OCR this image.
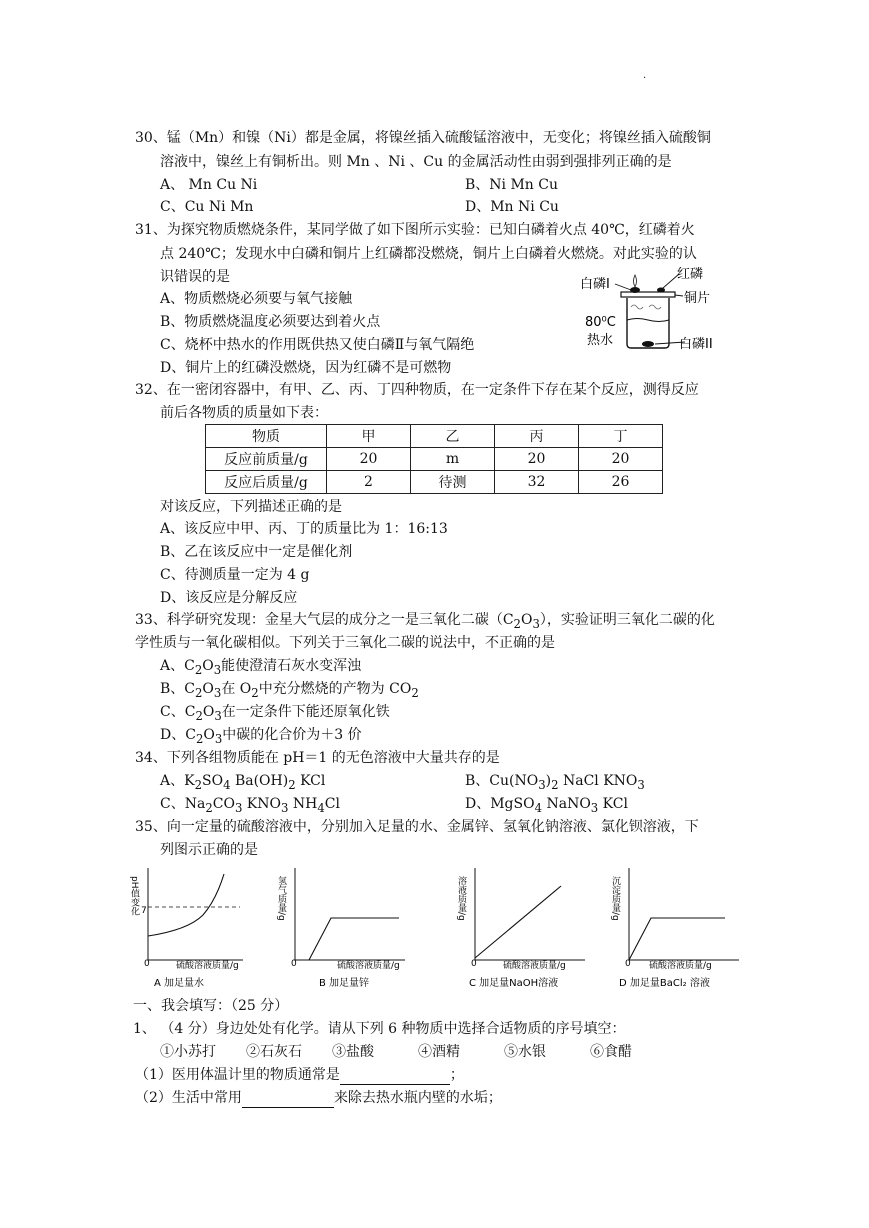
.
30、锰（Mn）和镍（Ni）都是金属，将镍丝插入硫酸锰溶液中，无变化；将镍丝插入硫酸铜
溶液中，镍丝上有铜析出。则 Mn 、Ni 、Cu 的金属活动性由弱到强排列正确的是
A、 Mn Cu Ni	B、Ni Mn Cu
C、Cu Ni Mn	D、Mn Ni Cu
31、为探究物质燃烧条件，某同学做了如下图所示实验：已知白磷着火点 40℃，红磷着火
点 240℃；发现水中白磷和铜片上红磷都没燃烧，铜片上白磷着火燃烧。对此实验的认
识错误的是
A、物质燃烧必须要与氧气接触
B、物质燃烧温度必须要达到着火点
C、烧杯中热水的作用既供热又使白磷Ⅱ与氧气隔绝
D、铜片上的红磷没燃烧，因为红磷不是可燃物
白磷I
红磷
铜片
80⁰C
热水	白磷II
32、在一密闭容器中，有甲、乙、丙、丁四种物质，在一定条件下存在某个反应，测得反应
前后各物质的质量如下表：
物质	甲	乙	丙	丁
反应前质量/g	20	m	20	20
反应后质量/g	2	待测	32	26
对该反应，下列描述正确的是
A、该反应中甲、丙、丁的质量比为 1：16:13
B、乙在该反应中一定是催化剂
C、待测质量一定为 4 g
D、该反应是分解反应
33、科学研究发现：金星大气层的成分之一是三氧化二碳$(C_2O_3)$，实验证明三氧化二碳的化
学性质与一氧化碳相似。下列关于三氧化二碳的说法中，不正确的是
A、$C_2O_3$能使澄清石灰水变浑浊
B、$C_2O_3$在 $O_2$中充分燃烧的产物为 $CO_2$
C、$C_2O_3$在一定条件下能还原氧化铁
D、$C_2O_3$中碳的化合价为＋3 价
34、下列各组物质能在 pH＝1 的无色溶液中大量共存的是
A、$K_2SO_4$ $Ba(OH)_2$ KCl	B、$Cu(NO_3)_2$ NaCl $KNO_3$
C、$Na_2CO_3$ $KNO_3$ $NH_4Cl$	D、MgSO$_4$ NaNO$_3$ KCl
35、向一定量的硫酸溶液中，分别加入足量的水、金属锌、氢氧化钠溶液、氯化钡溶液，下
列图示正确的是
7
0	硫酸溶液质量/g
pH值变化
A 加足量水
0	硫酸溶液质量/g
氢气质量/g
B 加足量锌
0	硫酸溶液质量/g
溶液质量/g
C 加足量NaOH溶液
0 硫酸溶液质量/g
沉淀质量/g
D 加足量BaCl₂ 溶液
一、我会填写：（25 分）
1、 （4 分）身边处处有化学。请从下列 6 种物质中选择合适物质的序号填空：
①小苏打 ②石灰石 ③盐酸	④酒精	⑤水银	⑥食醋
（1）医用体温计里的物质通常是	；
（2）生活中常用	来除去热水瓶内壁的水垢；
